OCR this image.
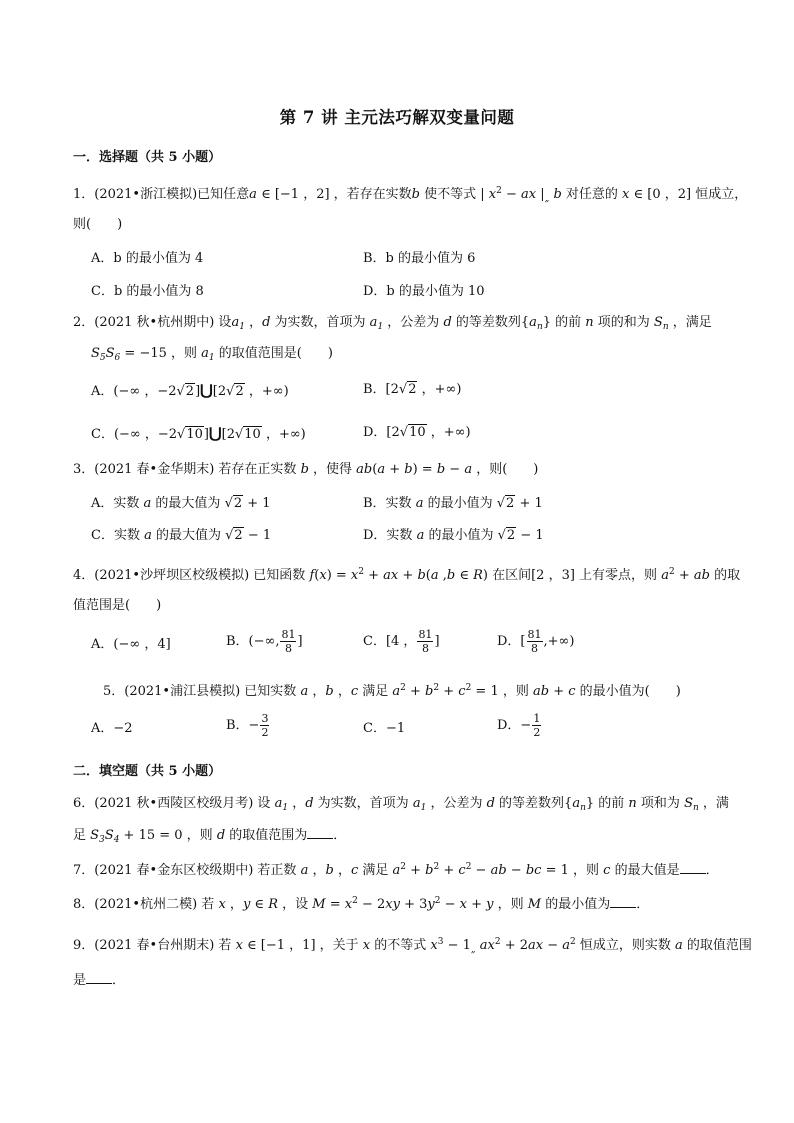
第 7 讲 主元法巧解双变量问题
一．选择题（共 5 小题）
1．(2021•浙江模拟)已知任意a ∈ [−1 ，2] ，若存在实数b 使不等式 | $x^2$ − ax $|_„$ b 对任意的 x ∈ [0 ，2] 恒成立，
则(　　)
A．b 的最小值为 4	B．b 的最小值为 6
C．b 的最小值为 8	D．b 的最小值为 10
2．(2021 秋•杭州期中) 设$a_1$ ，d 为实数，首项为 $a_1$ ，公差为 d 的等差数列$\{a_n\}$ 的前 n 项的和为 $S_n$ ，满足
$S_5S_6 = -15$ ，则 $a_1$ 的取值范围是(　　)
A．(−∞ ，−2√2]⋃[2√2 ，+∞)	B．[2√2 ，+∞)
C．(−∞ ，−2√10]⋃[2√10 ，+∞)	D．[2√10 ，+∞)
3．(2021 春•金华期末) 若存在正实数 b ，使得 ab(a + b) = b − a ，则(　　)
A．实数 a 的最大值为 √2 + 1	B．实数 a 的最小值为 √2 + 1
C．实数 a 的最大值为 √2 − 1	D．实数 a 的最小值为 √2 − 1
4．(2021•沙坪坝区校级模拟) 已知函数 $f(x) = x^2$ + ax + b(a ,b ∈ R) 在区间[2 ，3] 上有零点，则 $a^2$ + ab 的取
值范围是(　　)
A．(−∞ ，4]	B．(−∞, $\frac{81}{8}$ ]	C．[4 ， $\frac{81}{8}$ ]	D．[ $\frac{81}{8}$ ,+∞)
5．(2021•浦江县模拟) 已知实数 a ，b ，c 满足 $a^2 + b^2 + c^2 = 1$ ，则 ab + c 的最小值为(　　)
A．−2	B．− $\frac{3}{2}$	C．−1	D．− $\frac{1}{2}$
二．填空题（共 5 小题）
6．(2021 秋•西陵区校级月考) 设 $a_1$ ，d 为实数，首项为 $a_1$ ，公差为 d 的等差数列$\{a_n\}$ 的前 n 项和为 $S_n$ ，满
足 $S_3S_4 + 15 = 0$ ，则 d 的取值范围为 ．
7．(2021 春•金东区校级期中) 若正数 a ，b ，c 满足 $a^2 + b^2 + c^2$ − ab − bc = 1 ，则 c 的最大值是 ．
8．(2021•杭州二模) 若 x ，y ∈ R ，设 $M = x^2 - 2xy + 3y^2 - x + y$ ，则 M 的最小值为 ．
9．(2021 春•台州期末) 若 x ∈ [−1 ，1] ，关于 x 的不等式 $x^3 - 1_„$ $ax^2 + 2ax - a^2$ 恒成立，则实数 a 的取值范围
是 ．
